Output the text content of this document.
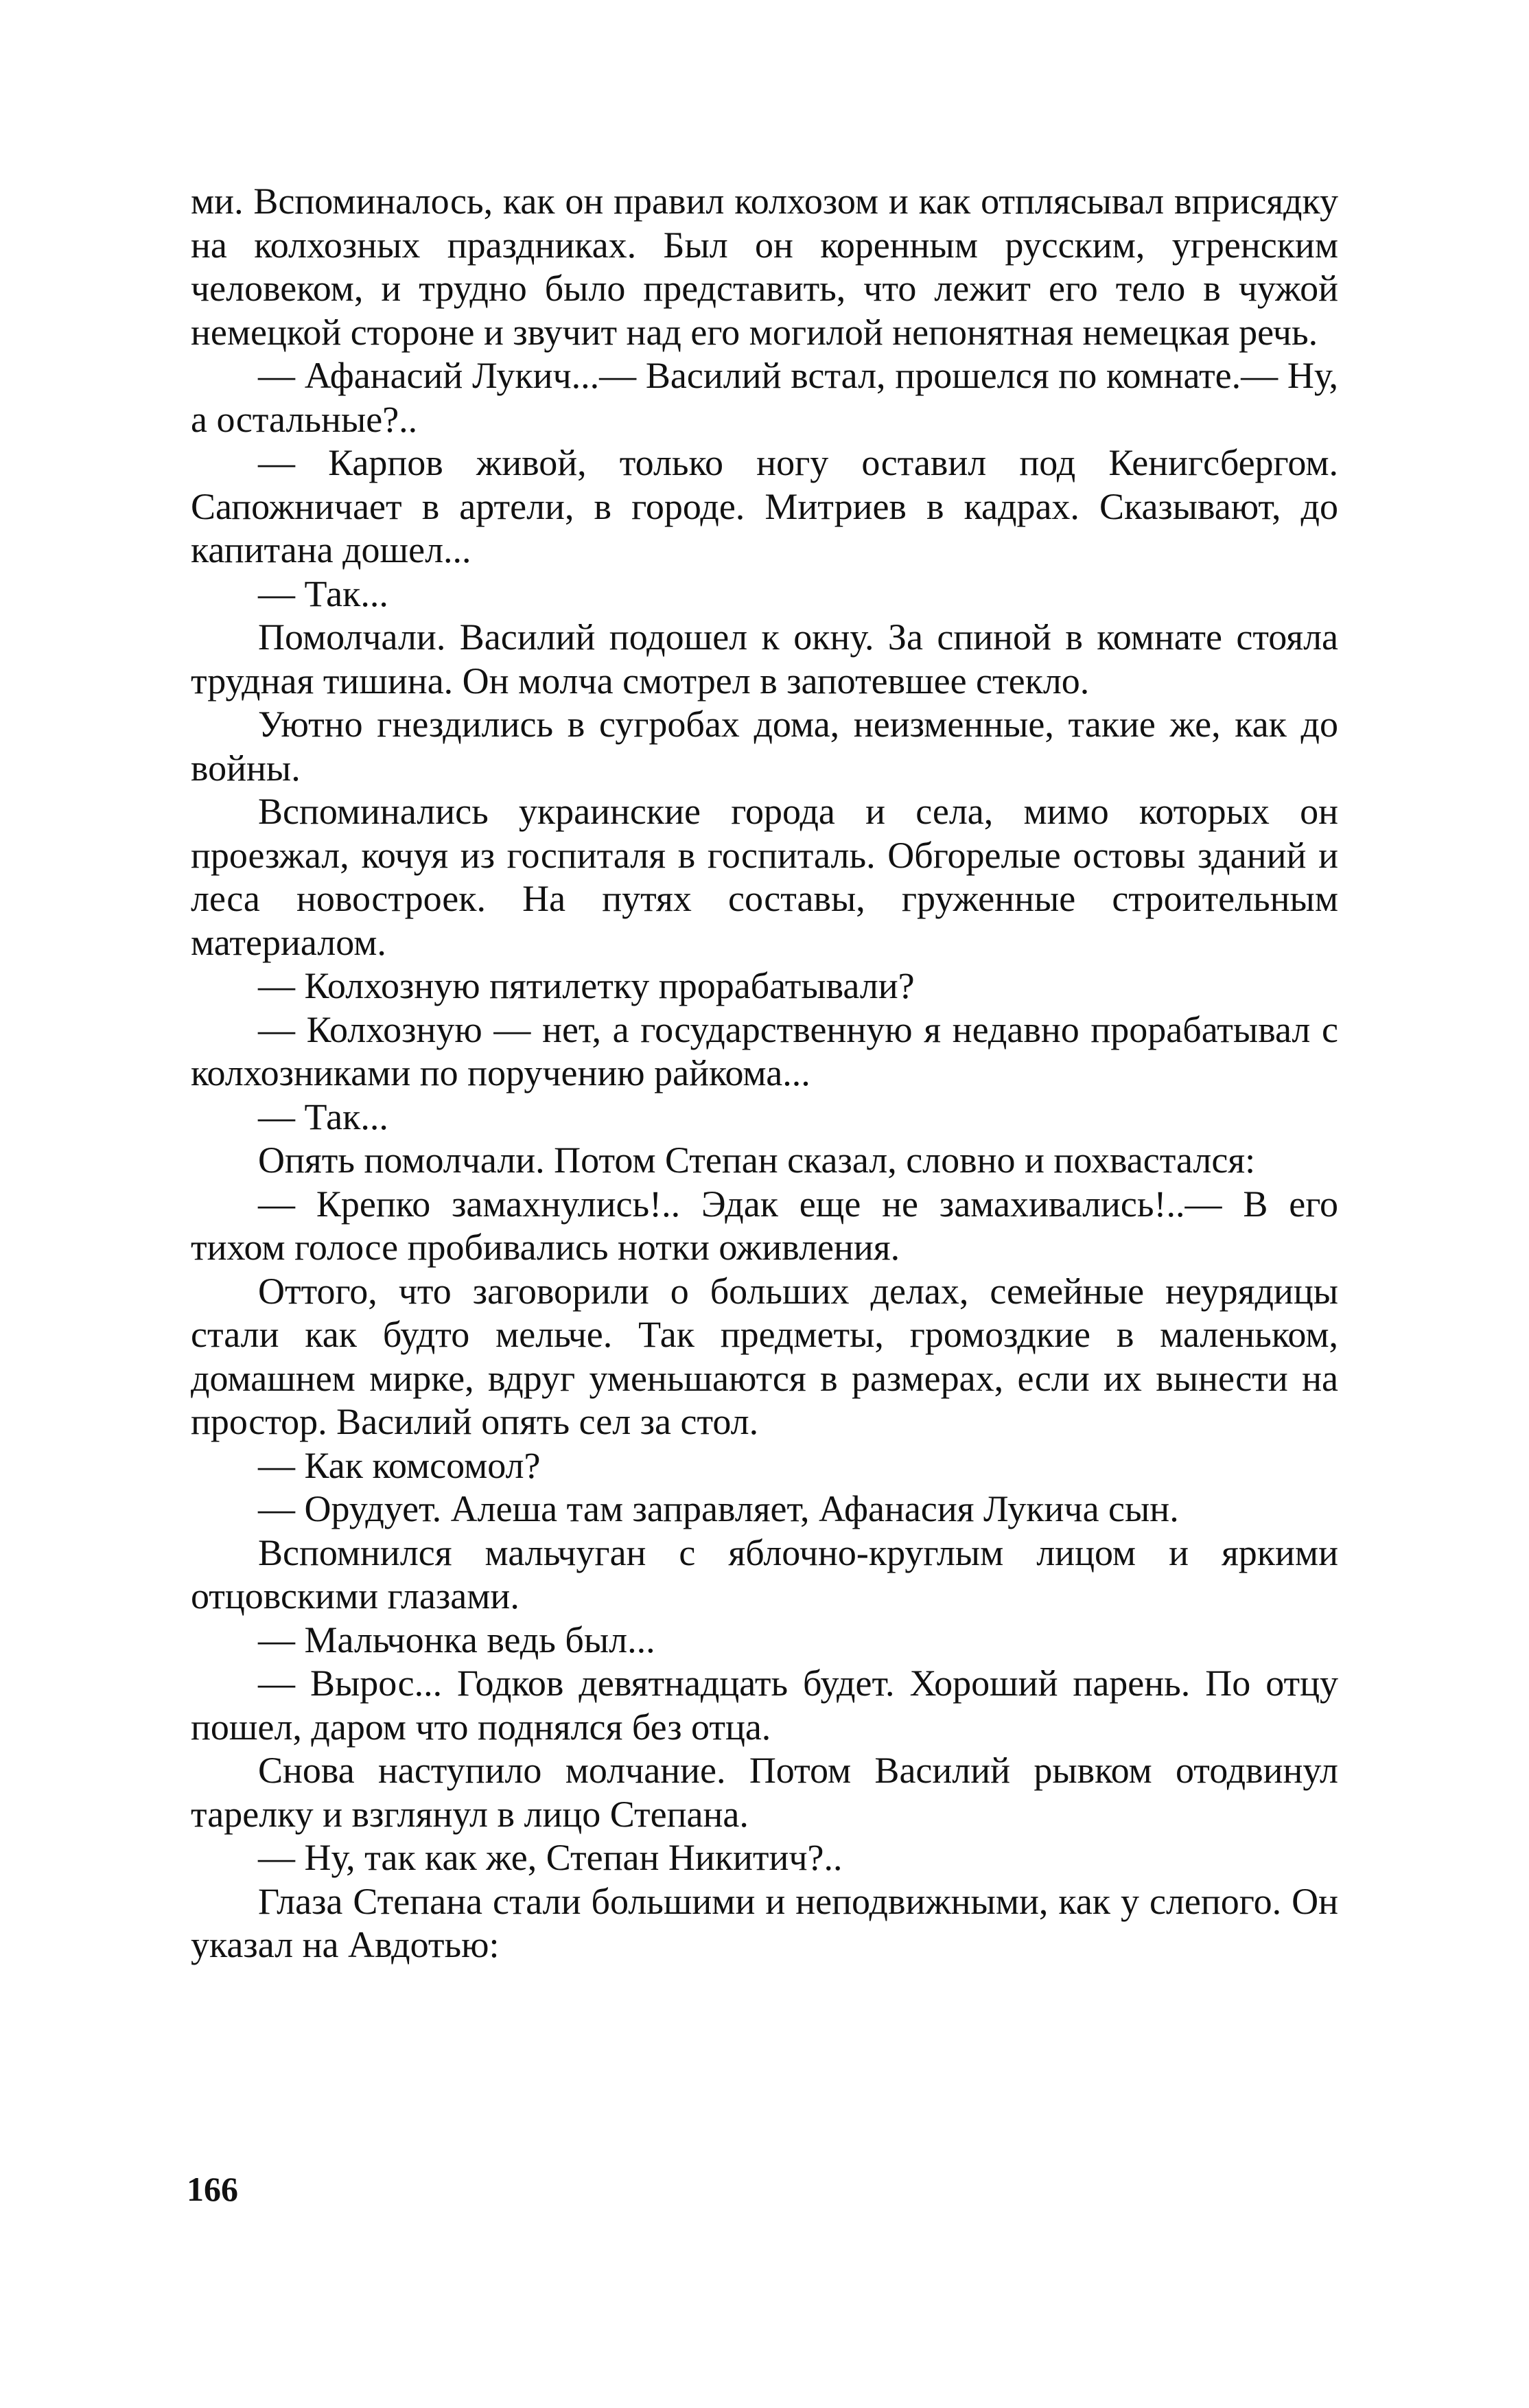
ми. Вспоминалось, как он правил колхозом и как отплясывал вприсядку на колхозных праздниках. Был он коренным русским, угренским человеком, и трудно было представить, что лежит его тело в чужой немецкой стороне и звучит над его могилой непонятная немецкая речь.

— Афанасий Лукич...— Василий встал, прошелся по комнате.— Ну, а остальные?..

— Карпов живой, только ногу оставил под Кенигсбергом. Сапожничает в артели, в городе. Митриев в кадрах. Сказывают, до капитана дошел...

— Так...

Помолчали. Василий подошел к окну. За спиной в комнате стояла трудная тишина. Он молча смотрел в запотевшее стекло.

Уютно гнездились в сугробах дома, неизменные, такие же, как до войны.

Вспоминались украинские города и села, мимо которых он проезжал, кочуя из госпиталя в госпиталь. Обгорелые остовы зданий и леса новостроек. На путях составы, груженные строительным материалом.

— Колхозную пятилетку прорабатывали?

— Колхозную — нет, а государственную я недавно прорабатывал с колхозниками по поручению райкома...

— Так...

Опять помолчали. Потом Степан сказал, словно и похвастался:

— Крепко замахнулись!.. Эдак еще не замахивались!..— В его тихом голосе пробивались нотки оживления.

Оттого, что заговорили о больших делах, семейные неурядицы стали как будто мельче. Так предметы, громоздкие в маленьком, домашнем мирке, вдруг уменьшаются в размерах, если их вынести на простор. Василий опять сел за стол.

— Как комсомол?

— Орудует. Алеша там заправляет, Афанасия Лукича сын.

Вспомнился мальчуган с яблочно-круглым лицом и яркими отцовскими глазами.

— Мальчонка ведь был...

— Вырос... Годков девятнадцать будет. Хороший парень. По отцу пошел, даром что поднялся без отца.

Снова наступило молчание. Потом Василий рывком отодвинул тарелку и взглянул в лицо Степана.

— Ну, так как же, Степан Никитич?..

Глаза Степана стали большими и неподвижными, как у слепого. Он указал на Авдотью:

166
